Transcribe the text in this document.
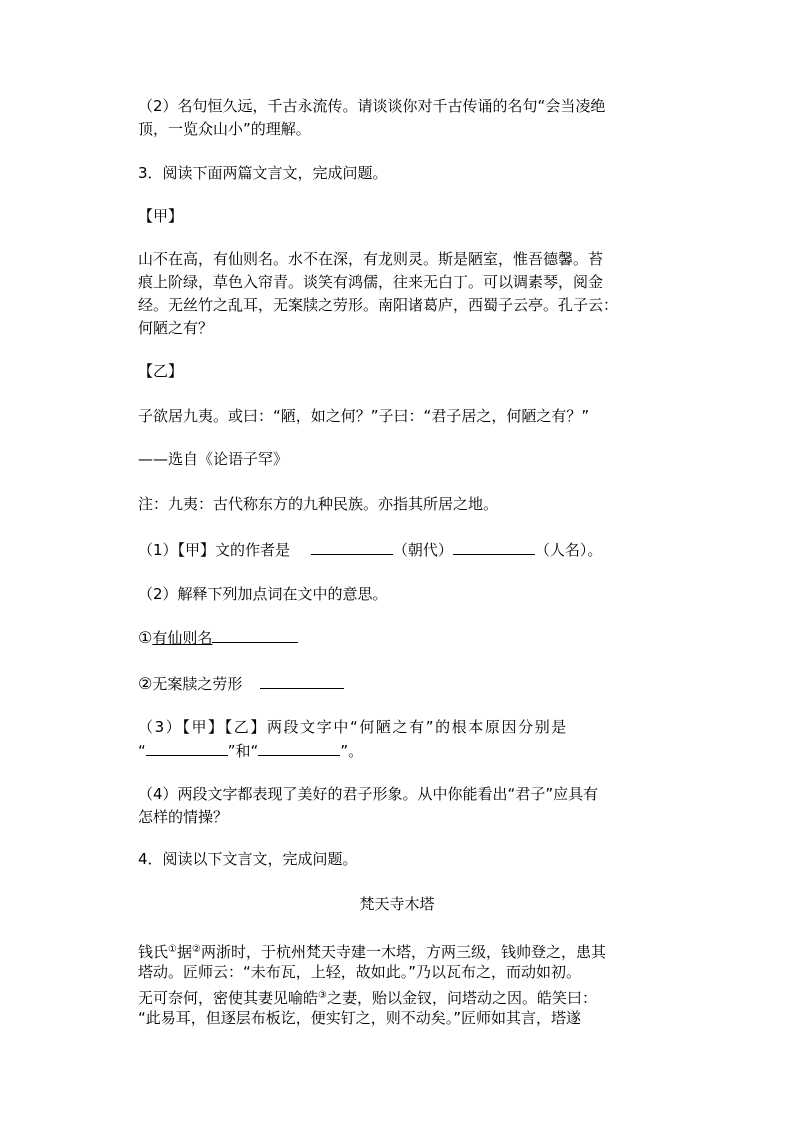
（2）名句恒久远，千古永流传。请谈谈你对千古传诵的名句“会当凌绝
顶，一览众山小”的理解。
3．阅读下面两篇文言文，完成问题。
【甲】
山不在高，有仙则名。水不在深，有龙则灵。斯是陋室，惟吾德馨。苔
痕上阶绿，草色入帘青。谈笑有鸿儒，往来无白丁。可以调素琴，阅金
经。无丝竹之乱耳，无案牍之劳形。南阳诸葛庐，西蜀子云亭。孔子云：
何陋之有？
【乙】
子欲居九夷。或曰：“陋，如之何？”子曰：“君子居之，何陋之有？”
——选自《论语子罕》
注：九夷：古代称东方的九种民族。亦指其所居之地。
（1）【甲】文的作者是	（朝代）	（人名）。
（2）解释下列加点词在文中的意思。
①有仙则名
②无案牍之劳形
（3）【甲】【乙】两段文字中“何陋之有”的根本原因分别是
“	”和“	”。
（4）两段文字都表现了美好的君子形象。从中你能看出“君子”应具有
怎样的情操？
4．阅读以下文言文，完成问题。
梵天寺木塔
钱氏①据②两浙时，于杭州梵天寺建一木塔，方两三级，钱帅登之，患其
塔动。匠师云：“未布瓦，上轻，故如此。”乃以瓦布之，而动如初。
无可奈何，密使其妻见喻皓③之妻，贻以金钗，问塔动之因。皓笑曰：
“此易耳，但逐层布板讫，便实钉之，则不动矣。”匠师如其言，塔遂
